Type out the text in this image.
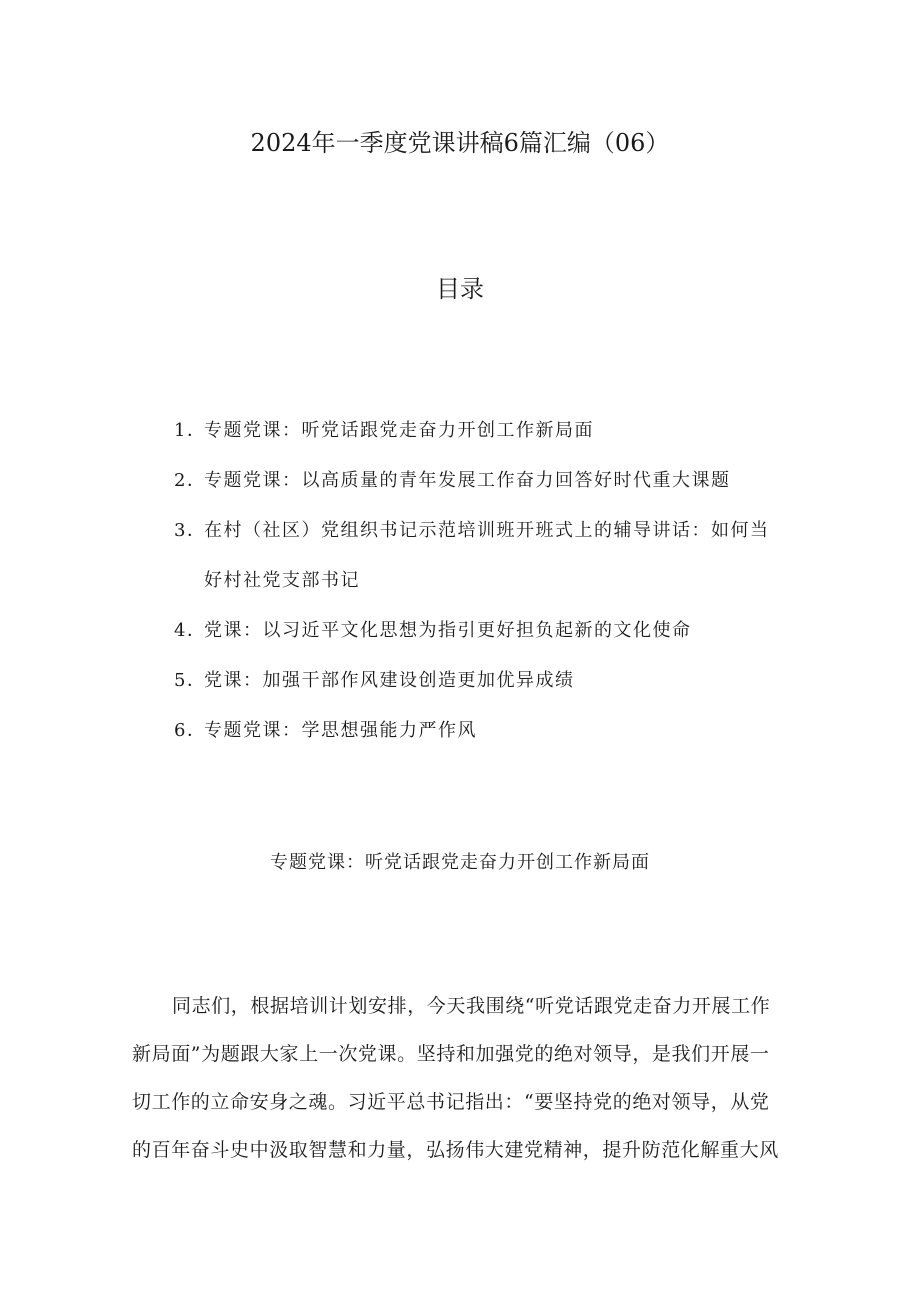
2024年一季度党课讲稿6篇汇编（06）
目录
1．专题党课：听党话跟党走奋力开创工作新局面
2．专题党课：以高质量的青年发展工作奋力回答好时代重大课题
3．在村（社区）党组织书记示范培训班开班式上的辅导讲话：如何当
好村社党支部书记
4．党课：以习近平文化思想为指引更好担负起新的文化使命
5．党课：加强干部作风建设创造更加优异成绩
6．专题党课：学思想强能力严作风
专题党课：听党话跟党走奋力开创工作新局面

同志们，根据培训计划安排，今天我围绕“听党话跟党走奋力开展工作
新局面”为题跟大家上一次党课。坚持和加强党的绝对领导，是我们开展一
切工作的立命安身之魂。习近平总书记指出：“要坚持党的绝对领导，从党
的百年奋斗史中汲取智慧和力量，弘扬伟大建党精神，提升防范化解重大风
